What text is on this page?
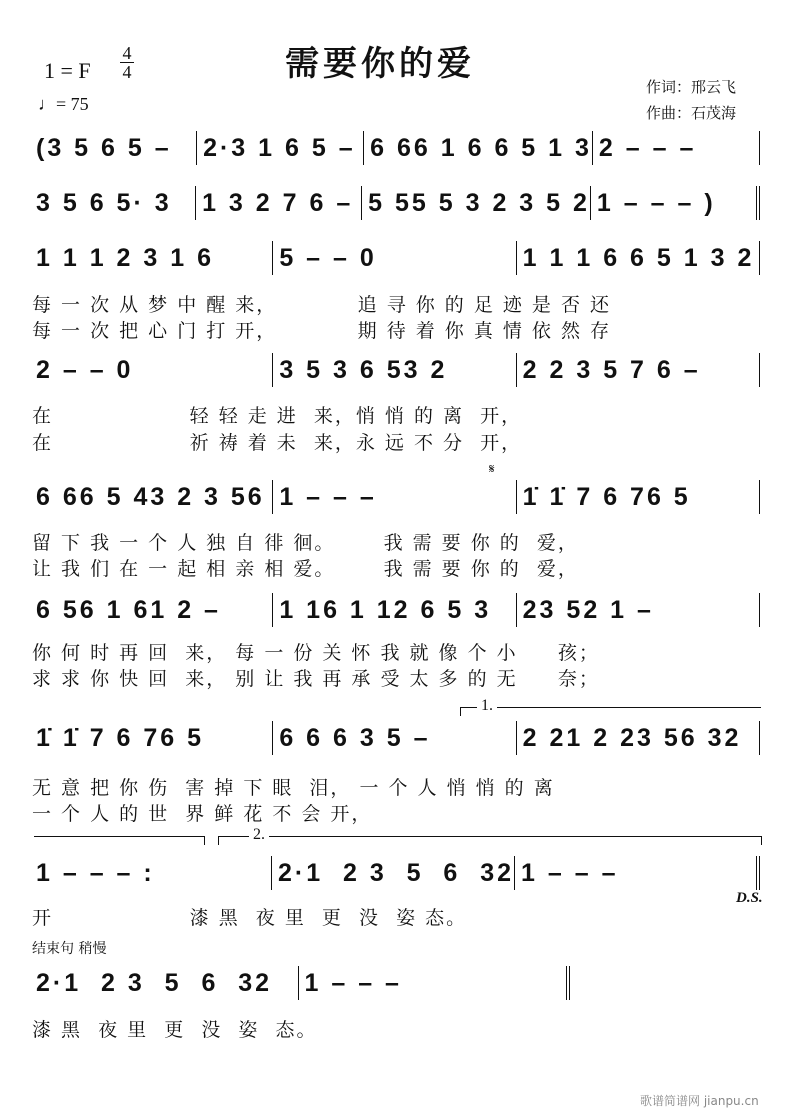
需要你的爱
1 = F
4
4
♩= 75
作词：邢云飞
作曲：石茂海
(3 5 6 5 –	2·3 1 6 5 – 6 66 1 6 6 5 1 3 2 – – –
3 5 6 5· 3	1 3 2 7 6 – 5 55 5 3 2 3 5 2 1 – – – )
1 1 1 2 3 1 6	5 – – 0	1 1 1 6 6 5 1 3 2
每 一 次 从 梦 中 醒 来，          追 寻 你 的 足 迹 是 否 还
每 一 次 把 心 门 打 开，          期 待 着 你 真 情 依 然 存
2 – – 0	3 5 3 6 53 2	2 2 3 5 7 6 –
在                 轻 轻 走 进  来，悄 悄 的 离  开，
在                 祈 祷 着 未  来，永 远 不 分  开，
6 66 5 43 2 3 56 1 – – –	1̇ 1̇ 7 6 76 5
留 下 我 一 个 人 独 自 徘 徊。      我 需 要 你 的  爱，
让 我 们 在 一 起 相 亲 相 爱。      我 需 要 你 的  爱，
6 56 1 61 2 –	1 16 1 12 6 5 3	23 52 1 –
你 何 时 再 回  来， 每 一 份 关 怀 我 就 像 个 小     孩；
求 求 你 快 回  来， 别 让 我 再 承 受 太 多 的 无     奈；
1̇ 1̇ 7 6 76 5	6 6 6 3 5 –	2 21 2 23 56 32
无 意 把 你 伤  害 掉 下 眼  泪， 一 个 人 悄 悄 的 离
一 个 人 的 世  界 鲜 花 不 会 开，
1 – – – :	2·1  2 3  5  6  32 1 – – –
开                 漆 黑  夜 里  更  没  姿 态。
2·1  2 3  5  6  32	1 – – –
漆 黑  夜 里  更  没  姿  态。
𝄋
1.
2.
D.S.
结束句 稍慢
歌谱简谱网 jianpu.cn
